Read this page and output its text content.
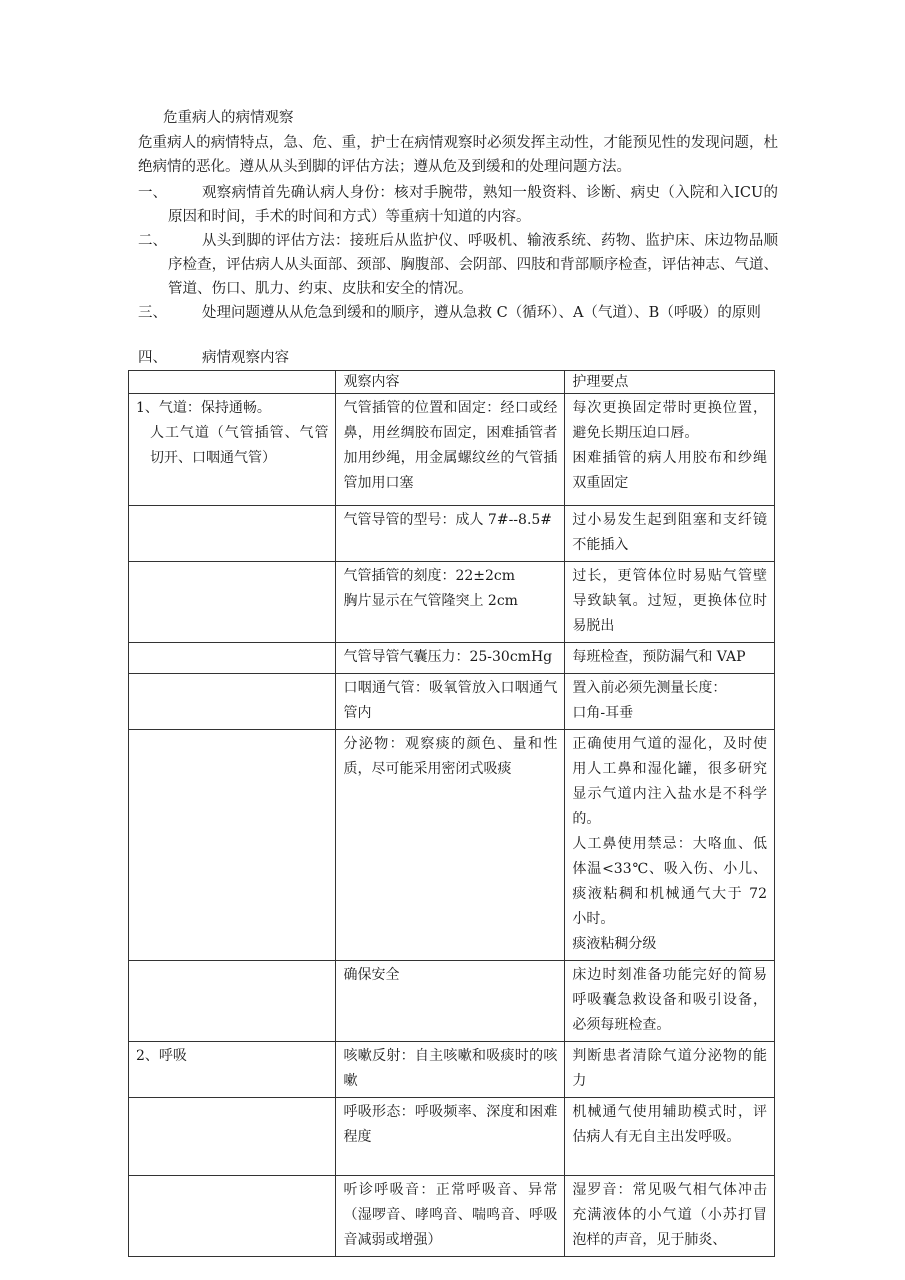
危重病人的病情观察
危重病人的病情特点，急、危、重，护士在病情观察时必须发挥主动性，才能预见性的发现问题，杜绝病情的恶化。遵从从头到脚的评估方法；遵从危及到缓和的处理问题方法。
一、	观察病情首先确认病人身份：核对手腕带，熟知一般资料、诊断、病史（入院和入ICU的原因和时间，手术的时间和方式）等重病十知道的内容。
二、	从头到脚的评估方法：接班后从监护仪、呼吸机、输液系统、药物、监护床、床边物品顺序检查，评估病人从头面部、颈部、胸腹部、会阴部、四肢和背部顺序检查，评估神志、气道、管道、伤口、肌力、约束、皮肤和安全的情况。
三、	处理问题遵从从危急到缓和的顺序，遵从急救 C（循环）、A（气道）、B（呼吸）的原则
四、	病情观察内容
	观察内容	护理要点

1、气道：保持通畅。
人工气道（气管插管、气管切开、口咽通气管）	气管插管的位置和固定：经口或经鼻，用丝绸胶布固定，困难插管者加用纱绳，用金属螺纹丝的气管插管加用口塞	每次更换固定带时更换位置，避免长期压迫口唇。
困难插管的病人用胶布和纱绳双重固定

	气管导管的型号：成人 7#--8.5#	过小易发生起到阻塞和支纤镜不能插入

	气管插管的刻度：22±2cm
胸片显示在气管隆突上 2cm	过长，更管体位时易贴气管壁导致缺氧。过短，更换体位时易脱出

	气管导管气囊压力：25-30cmHg	每班检查，预防漏气和 VAP

	口咽通气管：吸氧管放入口咽通气管内	置入前必须先测量长度：
口角-耳垂

	分泌物：观察痰的颜色、量和性质，尽可能采用密闭式吸痰	正确使用气道的湿化，及时使用人工鼻和湿化罐，很多研究显示气道内注入盐水是不科学的。
人工鼻使用禁忌：大咯血、低体温<33℃、吸入伤、小儿、痰液粘稠和机械通气大于 72 小时。
痰液粘稠分级

	确保安全	床边时刻准备功能完好的简易呼吸囊急救设备和吸引设备，必须每班检查。

2、呼吸	咳嗽反射：自主咳嗽和吸痰时的咳嗽	判断患者清除气道分泌物的能力

	呼吸形态：呼吸频率、深度和困难程度	机械通气使用辅助模式时，评估病人有无自主出发呼吸。

	听诊呼吸音：正常呼吸音、异常（湿啰音、哮鸣音、喘鸣音、呼吸音减弱或增强）	湿罗音：常见吸气相气体冲击充满液体的小气道（小苏打冒泡样的声音，见于肺炎、
